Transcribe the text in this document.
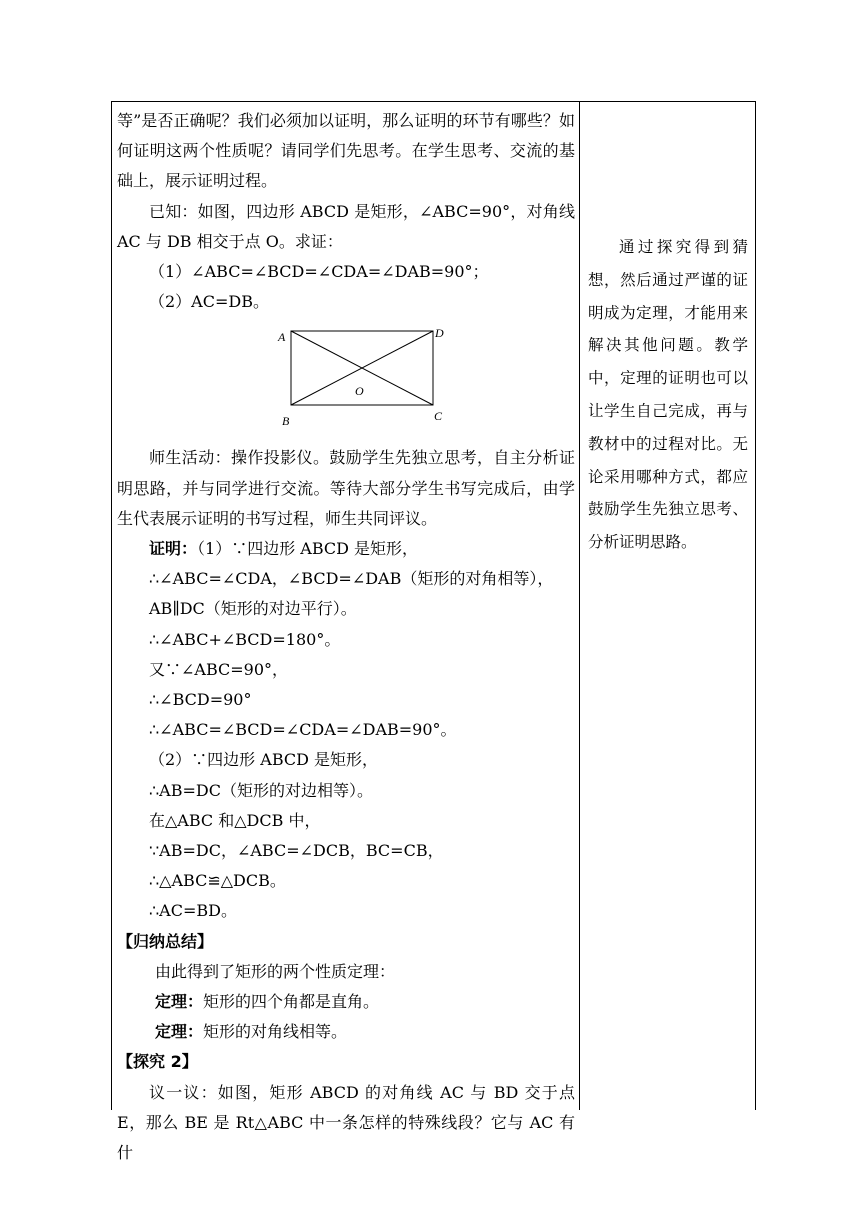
等”是否正确呢？我们必须加以证明，那么证明的环节有哪些？如何证明这两个性质呢？请同学们先思考。在学生思考、交流的基础上，展示证明过程。

已知：如图，四边形 ABCD 是矩形，∠ABC=90°，对角线 AC 与 DB 相交于点 O。求证：

（1）∠ABC=∠BCD=∠CDA=∠DAB=90°；

（2）AC=DB。

A
B	C
D
O

师生活动：操作投影仪。鼓励学生先独立思考，自主分析证明思路，并与同学进行交流。等待大部分学生书写完成后，由学生代表展示证明的书写过程，师生共同评议。

证明：（1）∵四边形 ABCD 是矩形，

∴∠ABC=∠CDA，∠BCD=∠DAB（矩形的对角相等），

AB∥DC（矩形的对边平行）。

∴∠ABC+∠BCD=180°。

又∵∠ABC=90°，

∴∠BCD=90°

∴∠ABC=∠BCD=∠CDA=∠DAB=90°。

（2）∵四边形 ABCD 是矩形，

∴AB=DC（矩形的对边相等）。

在△ABC 和△DCB 中，

∵AB=DC，∠ABC=∠DCB，BC=CB，

∴△ABC≌△DCB。

∴AC=BD。

【归纳总结】

由此得到了矩形的两个性质定理：

定理：矩形的四个角都是直角。

定理：矩形的对角线相等。

【探究 2】

议一议：如图，矩形 ABCD 的对角线 AC 与 BD 交于点 E，那么 BE 是 Rt△ABC 中一条怎样的特殊线段？它与 AC 有什

通过探究得到猜想，然后通过严谨的证明成为定理，才能用来解决其他问题。教学中，定理的证明也可以让学生自己完成，再与教材中的过程对比。无论采用哪种方式，都应鼓励学生先独立思考、分析证明思路。
